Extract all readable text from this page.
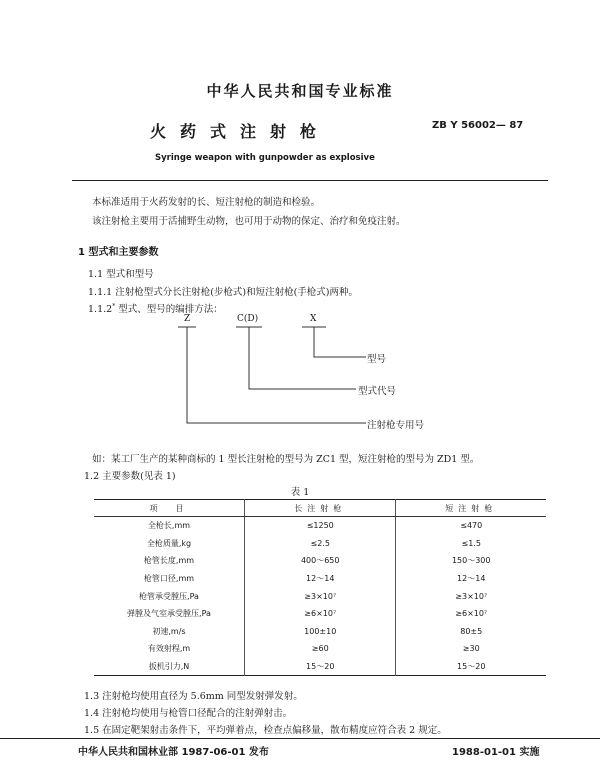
中华人民共和国专业标准
火药式注射枪	ZB Y 56002— 87
Syringe weapon with gunpowder as explosive
本标准适用于火药发射的长、短注射枪的制造和检验。
该注射枪主要用于活捕野生动物，也可用于动物的保定、治疗和免疫注射。
1 型式和主要参数
1.1 型式和型号
1.1.1 注射枪型式分长注射枪(步枪式)和短注射枪(手枪式)两种。
1.1.2* 型式、型号的编排方法：
Z	C(D)	X
型号
型式代号
注射枪专用号
如：某工厂生产的某种商标的 1 型长注射枪的型号为 ZC1 型，短注射枪的型号为 ZD1 型。
1.2 主要参数(见表 1)
表 1
项　目	长注射枪	短注射枪
全枪长,mm	≤1250	≤470
全枪质量,kg	≤2.5	≤1.5
枪管长度,mm	400～650	150～300
枪管口径,mm	12～14	12～14
枪管承受膛压,Pa	≥3×10⁷	≥3×10⁷
弹膛及气室承受膛压,Pa	≥6×10⁷	≥6×10⁷
初速,m/s	100±10	80±5
有效射程,m	≥60	≥30
扳机引力,N	15～20	15～20
1.3 注射枪均使用直径为 5.6mm 同型发射弹发射。
1.4 注射枪均使用与枪管口径配合的注射弹射击。
1.5 在固定靶架射击条件下，平均弹着点，检查点偏移量，散布精度应符合表 2 规定。
中华人民共和国林业部 1987-06-01 发布	1988-01-01 实施
